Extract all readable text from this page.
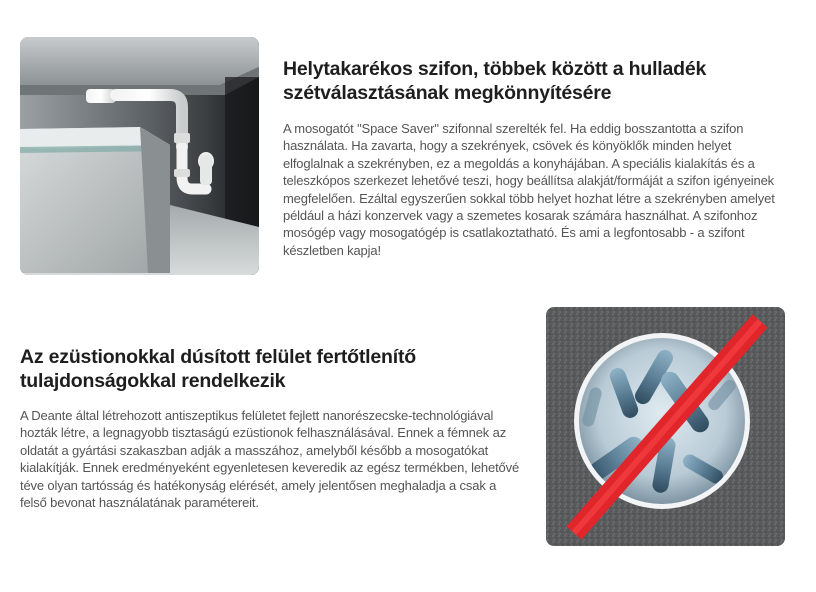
Helytakarékos szifon, többek között a hulladék szétválasztásának megkönnyítésére

A mosogatót "Space Saver" szifonnal szerelték fel. Ha eddig bosszantotta a szifon használata. Ha zavarta, hogy a szekrények, csövek és könyöklők minden helyet elfoglalnak a szekrényben, ez a megoldás a konyhájában. A speciális kialakítás és a teleszkópos szerkezet lehetővé teszi, hogy beállítsa alakját/formáját a szifon igényeinek megfelelően. Ezáltal egyszerűen sokkal több helyet hozhat létre a szekrényben amelyet például a házi konzervek vagy a szemetes kosarak számára használhat. A szifonhoz mosógép vagy mosogatógép is csatlakoztatható. És ami a legfontosabb - a szifont készletben kapja!

Az ezüstionokkal dúsított felület fertőtlenítő tulajdonságokkal rendelkezik

A Deante által létrehozott antiszeptikus felületet fejlett nanorészecske-technológiával hozták létre, a legnagyobb tisztaságú ezüstionok felhasználásával. Ennek a fémnek az oldatát a gyártási szakaszban adják a masszához, amelyből később a mosogatókat kialakítják. Ennek eredményeként egyenletesen keveredik az egész termékben, lehetővé téve olyan tartósság és hatékonyság elérését, amely jelentősen meghaladja a csak a felső bevonat használatának paramétereit.
